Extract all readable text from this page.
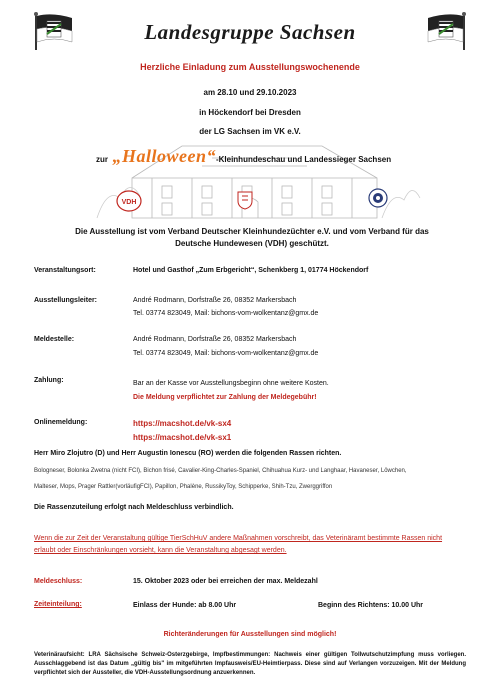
Landesgruppe Sachsen
Herzliche Einladung zum Ausstellungswochenende
am 28.10 und 29.10.2023
in Höckendorf bei Dresden
der LG Sachsen im VK e.V.
zur „Halloween“-Kleinhundeschau und Landessieger Sachsen
VDH
Die Ausstellung ist vom Verband Deutscher Kleinhundezüchter e.V. und vom Verband für das Deutsche Hundewesen (VDH) geschützt.
Veranstaltungsort:	Hotel und Gasthof „Zum Erbgericht“, Schenkberg 1, 01774 Höckendorf
Ausstellungsleiter:	André Rodmann, Dorfstraße 26, 08352 Markersbach
Tel. 03774 823049, Mail: bichons-vom-wolkentanz@gmx.de
Meldestelle:	André Rodmann, Dorfstraße 26, 08352 Markersbach
Tel. 03774 823049, Mail: bichons-vom-wolkentanz@gmx.de
Zahlung:	Bar an der Kasse vor Ausstellungsbeginn ohne weitere Kosten.
Die Meldung verpflichtet zur Zahlung der Meldegebühr!
Onlinemeldung:	https://macshot.de/vk-sx4
https://macshot.de/vk-sx1
Herr Miro Zlojutro (D) und Herr Augustin Ionescu (RO) werden die folgenden Rassen richten.
Bologneser, Bolonka Zwetna (nicht FCI), Bichon frisé, Cavalier-King-Charles-Spaniel, Chihuahua Kurz- und Langhaar, Havaneser, Löwchen,
Malteser, Mops, Prager Rattler(vorläufigFCI), Papillon, Phalène, RussikyToy, Schipperke, Shih-Tzu, Zwerggriffon
Die Rassenzuteilung erfolgt nach Meldeschluss verbindlich.
Wenn die zur Zeit der Veranstaltung gültige TierSchHuV andere Maßnahmen vorschreibt, das Veterinäramt bestimmte Rassen nicht erlaubt oder Einschränkungen vorsieht, kann die Veranstaltung abgesagt werden.
Meldeschluss:	15. Oktober 2023 oder bei erreichen der max. Meldezahl
Zeiteinteilung:	Einlass der Hunde: ab 8.00 Uhr	Beginn des Richtens: 10.00 Uhr
Richteränderungen für Ausstellungen sind möglich!
Veterinäraufsicht: LRA Sächsische Schweiz-Osterzgebirge, Impfbestimmungen: Nachweis einer gültigen Tollwutschutzimpfung muss vorliegen. Ausschlaggebend ist das Datum „gültig bis" im mitgeführten Impfausweis/EU-Heimtierpass. Diese sind auf Verlangen vorzuzeigen. Mit der Meldung verpflichtet sich der Aussteller, die VDH-Ausstellungsordnung anzuerkennen.
